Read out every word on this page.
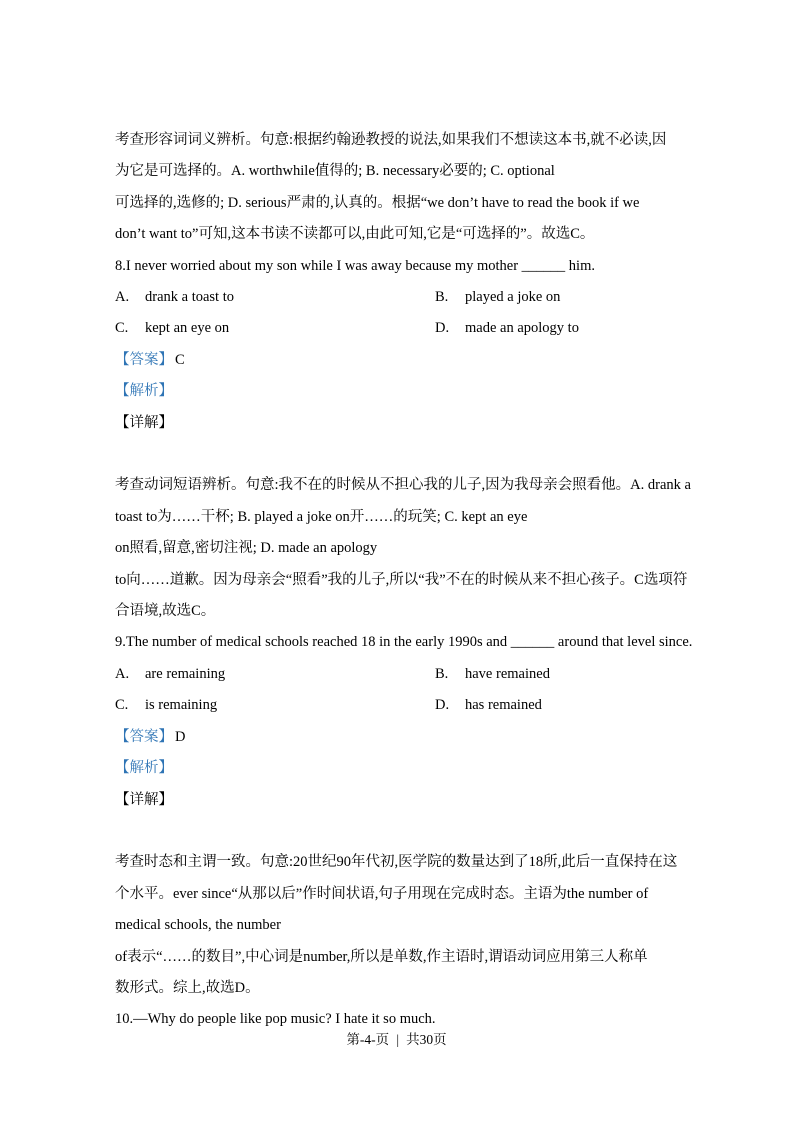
考查形容词词义辨析。句意:根据约翰逊教授的说法,如果我们不想读这本书,就不必读,因
为它是可选择的。A. worthwhile值得的; B. necessary必要的; C. optional
可选择的,选修的; D. serious严肃的,认真的。根据“we don’t have to read the book if we
don’t want to”可知,这本书读不读都可以,由此可知,它是“可选择的”。故选C。
8.I never worried about my son while I was away because my mother ______ him.
A. drank a toast to	B. played a joke on
C. kept an eye on	D. made an apology to
【答案】 C
【解析】
【详解】
考查动词短语辨析。句意:我不在的时候从不担心我的儿子,因为我母亲会照看他。A. drank a
toast to为……干杯; B. played a joke on开……的玩笑; C. kept an eye
on照看,留意,密切注视; D. made an apology
to向……道歉。因为母亲会“照看”我的儿子,所以“我”不在的时候从来不担心孩子。C选项符
合语境,故选C。
9.The number of medical schools reached 18 in the early 1990s and ______ around that level since.
A. are remaining	B. have remained
C. is remaining	D. has remained
【答案】 D
【解析】
【详解】
考查时态和主谓一致。句意:20世纪90年代初,医学院的数量达到了18所,此后一直保持在这
个水平。ever since“从那以后”作时间状语,句子用现在完成时态。主语为the number of
medical schools, the number
of表示“……的数目”,中心词是number,所以是单数,作主语时,谓语动词应用第三人称单
数形式。综上,故选D。
10.—Why do people like pop music? I hate it so much.
第-4-页 | 共30页
